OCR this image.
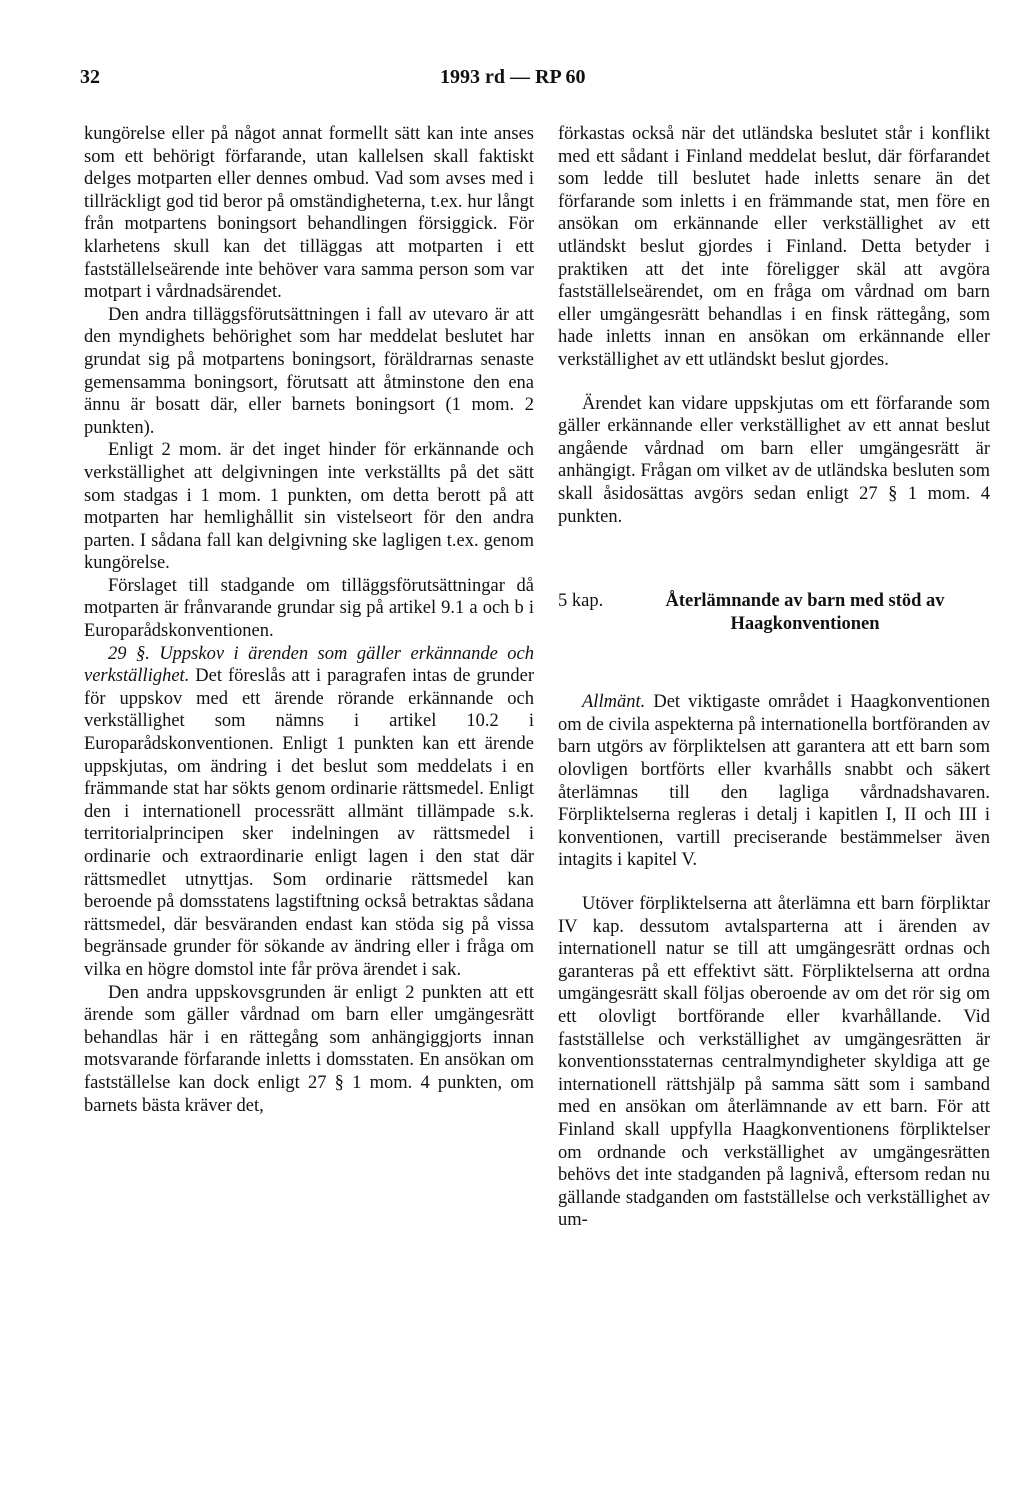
32	1993 rd — RP 60

kungörelse eller på något annat formellt sätt kan inte anses som ett behörigt förfarande, utan kallelsen skall faktiskt delges motparten eller dennes ombud. Vad som avses med i tillräckligt god tid beror på omständigheterna, t.ex. hur långt från motpartens boningsort behandlingen försiggick. För klarhetens skull kan det tilläggas att motparten i ett fastställelseärende inte behöver vara samma person som var motpart i vårdnadsärendet.

Den andra tilläggsförutsättningen i fall av utevaro är att den myndighets behörighet som har meddelat beslutet har grundat sig på motpartens boningsort, föräldrarnas senaste gemensamma boningsort, förutsatt att åtminstone den ena ännu är bosatt där, eller barnets boningsort (1 mom. 2 punkten).

Enligt 2 mom. är det inget hinder för erkännande och verkställighet att delgivningen inte verkställts på det sätt som stadgas i 1 mom. 1 punkten, om detta berott på att motparten har hemlighållit sin vistelseort för den andra parten. I sådana fall kan delgivning ske lagligen t.ex. genom kungörelse.

Förslaget till stadgande om tilläggsförutsättningar då motparten är frånvarande grundar sig på artikel 9.1 a och b i Europarådskonventionen.

29 §. Uppskov i ärenden som gäller erkännande och verkställighet. Det föreslås att i paragrafen intas de grunder för uppskov med ett ärende rörande erkännande och verkställighet som nämns i artikel 10.2 i Europarådskonventionen. Enligt 1 punkten kan ett ärende uppskjutas, om ändring i det beslut som meddelats i en främmande stat har sökts genom ordinarie rättsmedel. Enligt den i internationell processrätt allmänt tillämpade s.k. territorialprincipen sker indelningen av rättsmedel i ordinarie och extraordinarie enligt lagen i den stat där rättsmedlet utnyttjas. Som ordinarie rättsmedel kan beroende på domsstatens lagstiftning också betraktas sådana rättsmedel, där besväranden endast kan stöda sig på vissa begränsade grunder för sökande av ändring eller i fråga om vilka en högre domstol inte får pröva ärendet i sak.

Den andra uppskovsgrunden är enligt 2 punkten att ett ärende som gäller vårdnad om barn eller umgängesrätt behandlas här i en rättegång som anhängiggjorts innan motsvarande förfarande inletts i domsstaten. En ansökan om fastställelse kan dock enligt 27 § 1 mom. 4 punkten, om barnets bästa kräver det,

förkastas också när det utländska beslutet står i konflikt med ett sådant i Finland meddelat beslut, där förfarandet som ledde till beslutet hade inletts senare än det förfarande som inletts i en främmande stat, men före en ansökan om erkännande eller verkställighet av ett utländskt beslut gjordes i Finland. Detta betyder i praktiken att det inte föreligger skäl att avgöra fastställelseärendet, om en fråga om vårdnad om barn eller umgängesrätt behandlas i en finsk rättegång, som hade inletts innan en ansökan om erkännande eller verkställighet av ett utländskt beslut gjordes.

Ärendet kan vidare uppskjutas om ett förfarande som gäller erkännande eller verkställighet av ett annat beslut angående vårdnad om barn eller umgängesrätt är anhängigt. Frågan om vilket av de utländska besluten som skall åsidosättas avgörs sedan enligt 27 § 1 mom. 4 punkten.

5 kap.	Återlämnande av barn med stöd av Haagkonventionen

Allmänt. Det viktigaste området i Haagkonventionen om de civila aspekterna på internationella bortföranden av barn utgörs av förpliktelsen att garantera att ett barn som olovligen bortförts eller kvarhålls snabbt och säkert återlämnas till den lagliga vårdnadshavaren. Förpliktelserna regleras i detalj i kapitlen I, II och III i konventionen, vartill preciserande bestämmelser även intagits i kapitel V.

Utöver förpliktelserna att återlämna ett barn förpliktar IV kap. dessutom avtalsparterna att i ärenden av internationell natur se till att umgängesrätt ordnas och garanteras på ett effektivt sätt. Förpliktelserna att ordna umgängesrätt skall följas oberoende av om det rör sig om ett olovligt bortförande eller kvarhållande. Vid fastställelse och verkställighet av umgängesrätten är konventionsstaternas centralmyndigheter skyldiga att ge internationell rättshjälp på samma sätt som i samband med en ansökan om återlämnande av ett barn. För att Finland skall uppfylla Haagkonventionens förpliktelser om ordnande och verkställighet av umgängesrätten behövs det inte stadganden på lagnivå, eftersom redan nu gällande stadganden om fastställelse och verkställighet av um-
